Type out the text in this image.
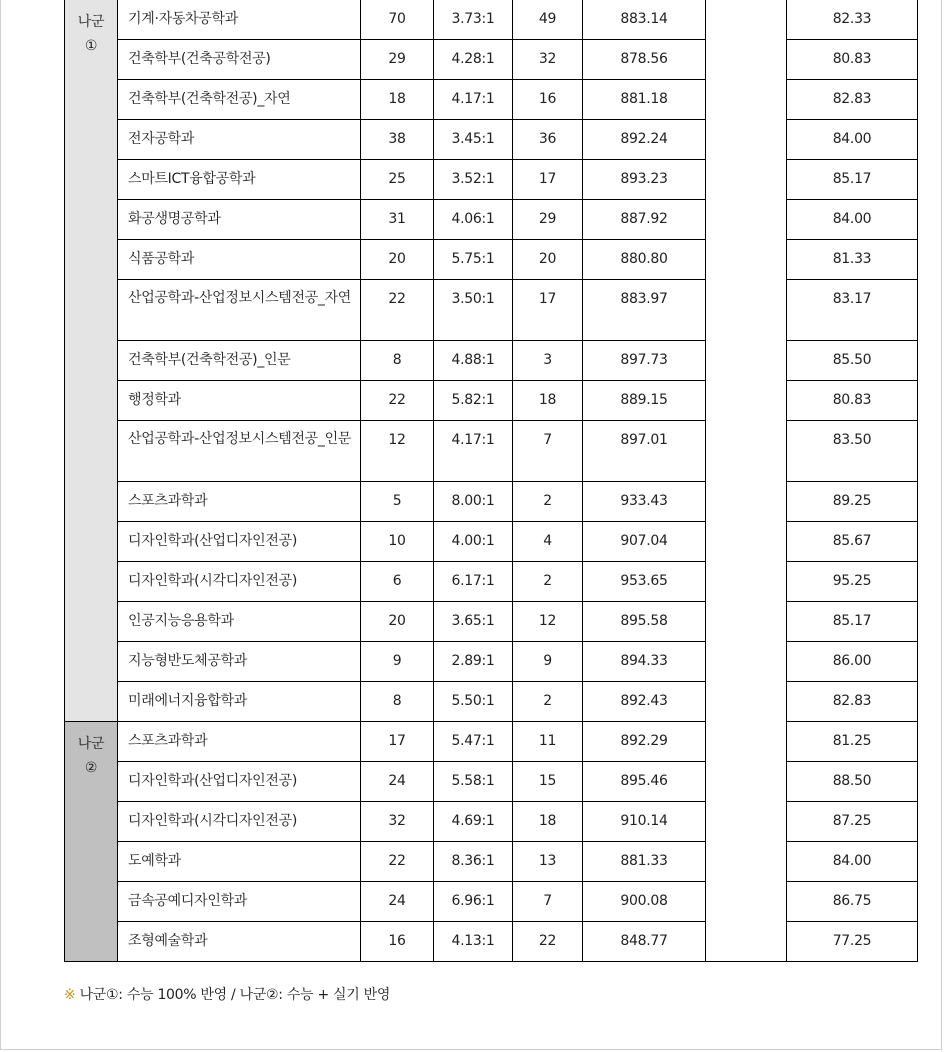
나군
①	기계·자동차공학과	70	3.73:1	49	883.14		82.33
	건축학부(건축공학전공)	29	4.28:1	32	878.56		80.83
	건축학부(건축학전공)_자연	18	4.17:1	16	881.18		82.83
	전자공학과	38	3.45:1	36	892.24		84.00
	스마트ICT융합공학과	25	3.52:1	17	893.23		85.17
	화공생명공학과	31	4.06:1	29	887.92		84.00
	식품공학과	20	5.75:1	20	880.80		81.33
	산업공학과-산업정보시스템전공_자연	22	3.50:1	17	883.97		83.17
	건축학부(건축학전공)_인문	8	4.88:1	3	897.73		85.50
	행정학과	22	5.82:1	18	889.15		80.83
	산업공학과-산업정보시스템전공_인문	12	4.17:1	7	897.01		83.50
	스포츠과학과	5	8.00:1	2	933.43		89.25
	디자인학과(산업디자인전공)	10	4.00:1	4	907.04		85.67
	디자인학과(시각디자인전공)	6	6.17:1	2	953.65		95.25
	인공지능응용학과	20	3.65:1	12	895.58		85.17
	지능형반도체공학과	9	2.89:1	9	894.33		86.00
	미래에너지융합학과	8	5.50:1	2	892.43		82.83

나군
②	스포츠과학과	17	5.47:1	11	892.29		81.25
	디자인학과(산업디자인전공)	24	5.58:1	15	895.46		88.50
	디자인학과(시각디자인전공)	32	4.69:1	18	910.14		87.25
	도예학과	22	8.36:1	13	881.33		84.00
	금속공예디자인학과	24	6.96:1	7	900.08		86.75
	조형예술학과	16	4.13:1	22	848.77		77.25
※ 나군①: 수능 100% 반영 / 나군②: 수능 + 실기 반영
